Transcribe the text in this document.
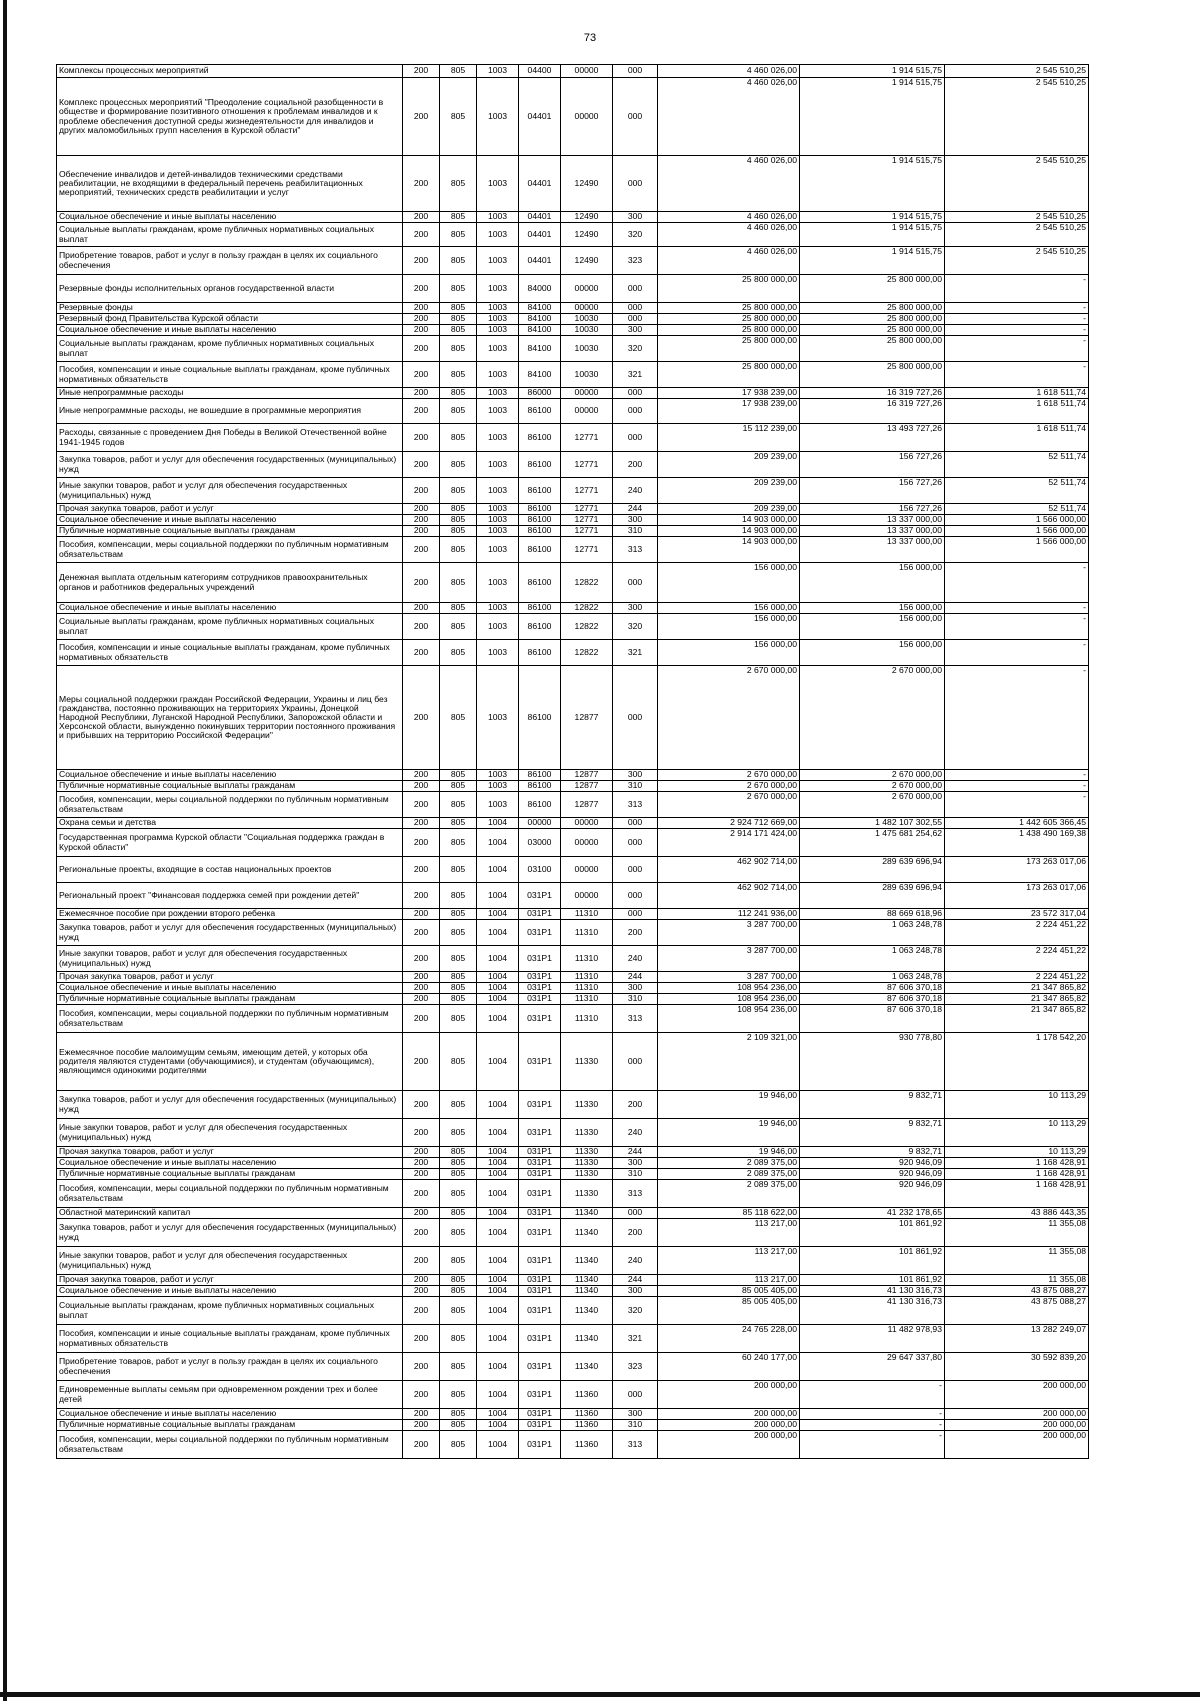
73
Комплексы процессных мероприятий	200	805	1003	04400	00000	000	4 460 026,00	1 914 515,75	2 545 510,25
Комплекс процессных мероприятий "Преодоление социальной разобщенности в обществе и формирование позитивного отношения к проблемам инвалидов и к проблеме обеспечения доступной среды жизнедеятельности для инвалидов и других маломобильных групп населения в Курской области"	200	805	1003	04401	00000	000	4 460 026,00	1 914 515,75	2 545 510,25
Обеспечение инвалидов и детей-инвалидов техническими средствами реабилитации, не входящими в федеральный перечень реабилитационных мероприятий, технических средств реабилитации и услуг	200	805	1003	04401	12490	000	4 460 026,00	1 914 515,75	2 545 510,25
Социальное обеспечение и иные выплаты населению	200	805	1003	04401	12490	300	4 460 026,00	1 914 515,75	2 545 510,25
Социальные выплаты гражданам, кроме публичных нормативных социальных выплат	200	805	1003	04401	12490	320	4 460 026,00	1 914 515,75	2 545 510,25
Приобретение товаров, работ и услуг в пользу граждан в целях их социального обеспечения	200	805	1003	04401	12490	323	4 460 026,00	1 914 515,75	2 545 510,25
Резервные фонды исполнительных органов государственной власти	200	805	1003	84000	00000	000	25 800 000,00	25 800 000,00	-
Резервные фонды	200	805	1003	84100	00000	000	25 800 000,00	25 800 000,00	-
Резервный фонд Правительства Курской области	200	805	1003	84100	10030	000	25 800 000,00	25 800 000,00	-
Социальное обеспечение и иные выплаты населению	200	805	1003	84100	10030	300	25 800 000,00	25 800 000,00	-
Социальные выплаты гражданам, кроме публичных нормативных социальных выплат	200	805	1003	84100	10030	320	25 800 000,00	25 800 000,00	-
Пособия, компенсации и иные социальные выплаты гражданам, кроме публичных нормативных обязательств	200	805	1003	84100	10030	321	25 800 000,00	25 800 000,00	-
Иные непрограммные расходы	200	805	1003	86000	00000	000	17 938 239,00	16 319 727,26	1 618 511,74
Иные непрограммные расходы, не вошедшие в программные мероприятия	200	805	1003	86100	00000	000	17 938 239,00	16 319 727,26	1 618 511,74
Расходы, связанные с проведением Дня Победы в Великой Отечественной войне 1941-1945 годов	200	805	1003	86100	12771	000	15 112 239,00	13 493 727,26	1 618 511,74
Закупка товаров, работ и услуг для обеспечения государственных (муниципальных) нужд	200	805	1003	86100	12771	200	209 239,00	156 727,26	52 511,74
Иные закупки товаров, работ и услуг для обеспечения государственных (муниципальных) нужд	200	805	1003	86100	12771	240	209 239,00	156 727,26	52 511,74
Прочая закупка товаров, работ и услуг	200	805	1003	86100	12771	244	209 239,00	156 727,26	52 511,74
Социальное обеспечение и иные выплаты населению	200	805	1003	86100	12771	300	14 903 000,00	13 337 000,00	1 566 000,00
Публичные нормативные социальные выплаты гражданам	200	805	1003	86100	12771	310	14 903 000,00	13 337 000,00	1 566 000,00
Пособия, компенсации, меры социальной поддержки по публичным нормативным обязательствам	200	805	1003	86100	12771	313	14 903 000,00	13 337 000,00	1 566 000,00
Денежная выплата отдельным категориям сотрудников правоохранительных органов и работников федеральных учреждений	200	805	1003	86100	12822	000	156 000,00	156 000,00	-
Социальное обеспечение и иные выплаты населению	200	805	1003	86100	12822	300	156 000,00	156 000,00	-
Социальные выплаты гражданам, кроме публичных нормативных социальных выплат	200	805	1003	86100	12822	320	156 000,00	156 000,00	-
Пособия, компенсации и иные социальные выплаты гражданам, кроме публичных нормативных обязательств	200	805	1003	86100	12822	321	156 000,00	156 000,00	-
Меры социальной поддержки граждан Российской Федерации, Украины и лиц без гражданства, постоянно проживающих на территориях Украины, Донецкой Народной Республики, Луганской Народной Республики, Запорожской области и Херсонской области, вынужденно покинувших территории постоянного проживания и прибывших на территорию Российской Федерации"	200	805	1003	86100	12877	000	2 670 000,00	2 670 000,00	-
Социальное обеспечение и иные выплаты населению	200	805	1003	86100	12877	300	2 670 000,00	2 670 000,00	-
Публичные нормативные социальные выплаты гражданам	200	805	1003	86100	12877	310	2 670 000,00	2 670 000,00	-
Пособия, компенсации, меры социальной поддержки по публичным нормативным обязательствам	200	805	1003	86100	12877	313	2 670 000,00	2 670 000,00	-
Охрана семьи и детства	200	805	1004	00000	00000	000	2 924 712 669,00	1 482 107 302,55	1 442 605 366,45
Государственная программа Курской области "Социальная поддержка граждан в Курской области"	200	805	1004	03000	00000	000	2 914 171 424,00	1 475 681 254,62	1 438 490 169,38
Региональные проекты, входящие в состав национальных проектов	200	805	1004	03100	00000	000	462 902 714,00	289 639 696,94	173 263 017,06
Региональный проект "Финансовая поддержка семей при рождении детей"	200	805	1004	031P1	00000	000	462 902 714,00	289 639 696,94	173 263 017,06
Ежемесячное пособие при рождении второго ребенка	200	805	1004	031P1	11310	000	112 241 936,00	88 669 618,96	23 572 317,04
Закупка товаров, работ и услуг для обеспечения государственных (муниципальных) нужд	200	805	1004	031P1	11310	200	3 287 700,00	1 063 248,78	2 224 451,22
Иные закупки товаров, работ и услуг для обеспечения государственных (муниципальных) нужд	200	805	1004	031P1	11310	240	3 287 700,00	1 063 248,78	2 224 451,22
Прочая закупка товаров, работ и услуг	200	805	1004	031P1	11310	244	3 287 700,00	1 063 248,78	2 224 451,22
Социальное обеспечение и иные выплаты населению	200	805	1004	031P1	11310	300	108 954 236,00	87 606 370,18	21 347 865,82
Публичные нормативные социальные выплаты гражданам	200	805	1004	031P1	11310	310	108 954 236,00	87 606 370,18	21 347 865,82
Пособия, компенсации, меры социальной поддержки по публичным нормативным обязательствам	200	805	1004	031P1	11310	313	108 954 236,00	87 606 370,18	21 347 865,82
Ежемесячное пособие малоимущим семьям, имеющим детей, у которых оба родителя являются студентами (обучающимися), и студентам (обучающимся), являющимся одинокими родителями	200	805	1004	031P1	11330	000	2 109 321,00	930 778,80	1 178 542,20
Закупка товаров, работ и услуг для обеспечения государственных (муниципальных) нужд	200	805	1004	031P1	11330	200	19 946,00	9 832,71	10 113,29
Иные закупки товаров, работ и услуг для обеспечения государственных (муниципальных) нужд	200	805	1004	031P1	11330	240	19 946,00	9 832,71	10 113,29
Прочая закупка товаров, работ и услуг	200	805	1004	031P1	11330	244	19 946,00	9 832,71	10 113,29
Социальное обеспечение и иные выплаты населению	200	805	1004	031P1	11330	300	2 089 375,00	920 946,09	1 168 428,91
Публичные нормативные социальные выплаты гражданам	200	805	1004	031P1	11330	310	2 089 375,00	920 946,09	1 168 428,91
Пособия, компенсации, меры социальной поддержки по публичным нормативным обязательствам	200	805	1004	031P1	11330	313	2 089 375,00	920 946,09	1 168 428,91
Областной материнский капитал	200	805	1004	031P1	11340	000	85 118 622,00	41 232 178,65	43 886 443,35
Закупка товаров, работ и услуг для обеспечения государственных (муниципальных) нужд	200	805	1004	031P1	11340	200	113 217,00	101 861,92	11 355,08
Иные закупки товаров, работ и услуг для обеспечения государственных (муниципальных) нужд	200	805	1004	031P1	11340	240	113 217,00	101 861,92	11 355,08
Прочая закупка товаров, работ и услуг	200	805	1004	031P1	11340	244	113 217,00	101 861,92	11 355,08
Социальное обеспечение и иные выплаты населению	200	805	1004	031P1	11340	300	85 005 405,00	41 130 316,73	43 875 088,27
Социальные выплаты гражданам, кроме публичных нормативных социальных выплат	200	805	1004	031P1	11340	320	85 005 405,00	41 130 316,73	43 875 088,27
Пособия, компенсации и иные социальные выплаты гражданам, кроме публичных нормативных обязательств	200	805	1004	031P1	11340	321	24 765 228,00	11 482 978,93	13 282 249,07
Приобретение товаров, работ и услуг в пользу граждан в целях их социального обеспечения	200	805	1004	031P1	11340	323	60 240 177,00	29 647 337,80	30 592 839,20
Единовременные выплаты семьям при одновременном рождении трех и более детей	200	805	1004	031P1	11360	000	200 000,00	-	200 000,00
Социальное обеспечение и иные выплаты населению	200	805	1004	031P1	11360	300	200 000,00	-	200 000,00
Публичные нормативные социальные выплаты гражданам	200	805	1004	031P1	11360	310	200 000,00	-	200 000,00
Пособия, компенсации, меры социальной поддержки по публичным нормативным обязательствам	200	805	1004	031P1	11360	313	200 000,00	-	200 000,00
